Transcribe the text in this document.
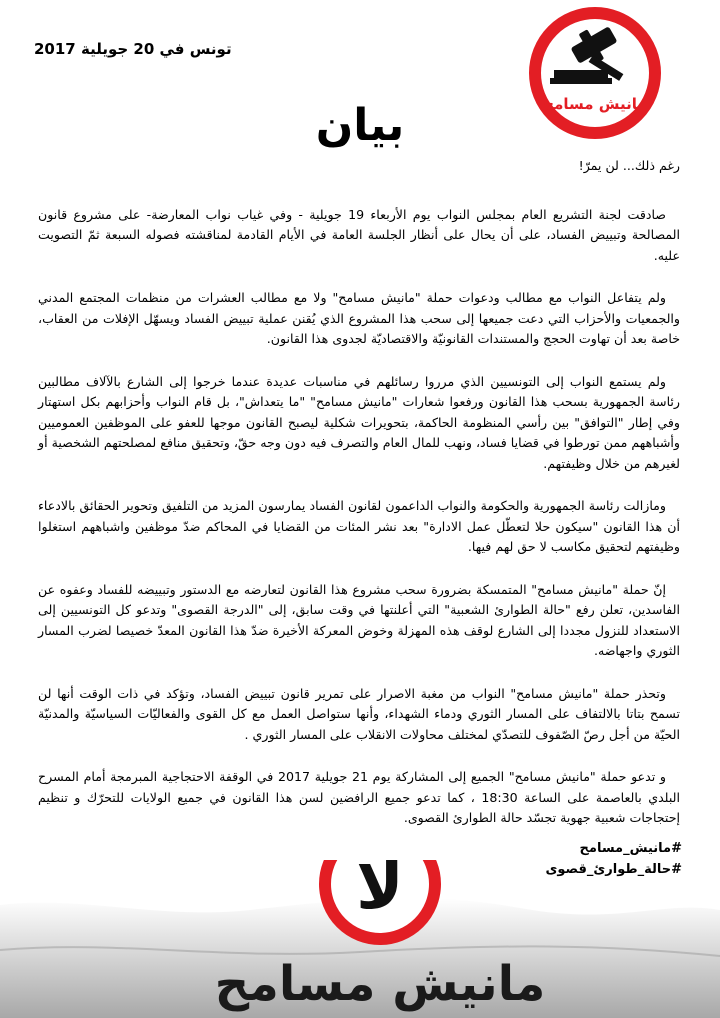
مانيش مسامح
تونس في 20 جويلية 2017
بيان
رغم ذلك... لن يمرّ!

صادقت لجنة التشريع العام بمجلس النواب يوم الأربعاء 19 جويلية - وفي غياب نواب المعارضة- على مشروع قانون المصالحة وتبييض الفساد، على أن يحال على أنظار الجلسة العامة في الأيام القادمة لمناقشته فصوله السبعة ثمّ التصويت عليه.

ولم يتفاعل النواب مع مطالب ودعوات حملة "مانيش مسامح" ولا مع مطالب العشرات من منظمات المجتمع المدني والجمعيات والأحزاب التي دعت جميعها إلى سحب هذا المشروع الذي يُقنن عملية تبييض الفساد ويسهّل الإفلات من العقاب، خاصة بعد أن تهاوت الحجج والمستندات القانونيّة والاقتصاديّة لجدوى هذا القانون.

ولم يستمع النواب إلى التونسيين الذي مرروا رسائلهم في مناسبات عديدة عندما خرجوا إلى الشارع بالآلاف مطالبين رئاسة الجمهورية بسحب هذا القانون ورفعوا شعارات "مانيش مسامح" "ما يتعداش"، بل قام النواب وأحزابهم بكل استهتار وفي إطار "التوافق" بين رأسي المنظومة الحاكمة، بتحويرات شكلية ليصبح القانون موجها للعفو على الموظفين العموميين وأشباههم ممن تورطوا في قضايا فساد، ونهب للمال العام والتصرف فيه دون وجه حقّ، وتحقيق منافع لمصلحتهم الشخصية أو لغيرهم من خلال وظيفتهم.

ومازالت رئاسة الجمهورية والحكومة والنواب الداعمون لقانون الفساد يمارسون المزيد من التلفيق وتحوير الحقائق بالادعاء أن هذا القانون "سيكون حلا لتعطّل عمل الادارة" بعد نشر المئات من القضايا في المحاكم ضدّ موظفين واشباههم استغلوا وظيفتهم لتحقيق مكاسب لا حق لهم فيها.

إنّ حملة "مانيش مسامح" المتمسكة بضرورة سحب مشروع هذا القانون لتعارضه مع الدستور وتبييضه للفساد وعفوه عن الفاسدين، تعلن رفع "حالة الطوارئ الشعبية" التي أعلنتها في وقت سابق، إلى "الدرجة القصوى" وتدعو كل التونسيين إلى الاستعداد للنزول مجددا إلى الشارع لوقف هذه المهزلة وخوض المعركة الأخيرة ضدّ هذا القانون المعدّ خصيصا لضرب المسار الثوري واجهاضه.

وتحذر حملة "مانيش مسامح" النواب من مغبة الاصرار على تمرير قانون تبييض الفساد، وتؤكد في ذات الوقت أنها لن تسمح بتاتا بالالتفاف على المسار الثوري ودماء الشهداء، وأنها ستواصل العمل مع كل القوى والفعاليّات السياسيّة والمدنيّة الحيّة من أجل رصّ الصّفوف للتصدّي لمختلف محاولات الانقلاب على المسار الثوري .

و تدعو حملة "مانيش مسامح" الجميع إلى المشاركة يوم 21 جويلية 2017 في الوقفة الاحتجاجية المبرمجة أمام المسرح البلدي بالعاصمة على الساعة 18:30 ، كما تدعو جميع الرافضين لسن هذا القانون في جميع الولايات للتحرّك و تنظيم إحتجاجات شعبية جهوية تجسّد حالة الطوارئ القصوى.

#مانيش_مسامح
#حالة_طوارئ_قصوى
لا
مانيش مسامح
